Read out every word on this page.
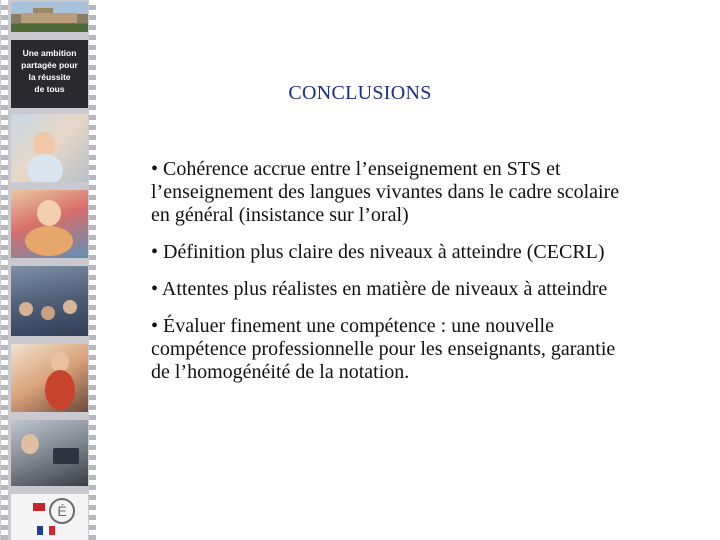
Une ambition
partagée pour
la réussite
de tous
É
CONCLUSIONS
• Cohérence accrue entre l’enseignement en STS et l’enseignement des langues vivantes dans le cadre scolaire en général (insistance sur l’oral)
• Définition plus claire des niveaux à atteindre (CECRL)
• Attentes plus réalistes en matière de niveaux à atteindre
• Évaluer finement une compétence : une nouvelle compétence professionnelle pour les enseignants, garantie de l’homogénéité de la notation.
